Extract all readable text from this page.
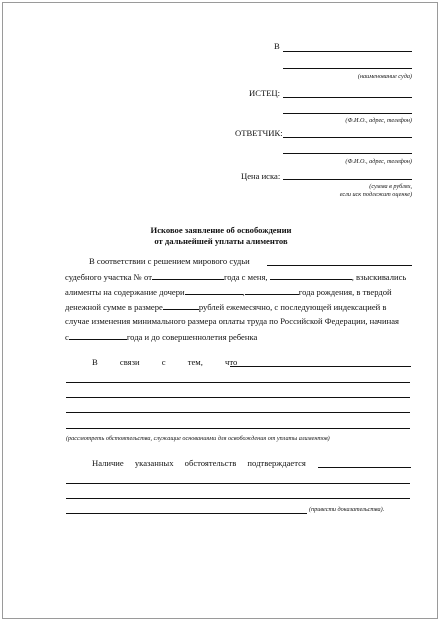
В
(наименование суда)
ИСТЕЦ:
(Ф.И.О., адрес, телефон)
ОТВЕТЧИК:
(Ф.И.О., адрес, телефон)
Цена иска:
(сумма в рублях,
если иск подлежит оценке)
Исковое заявление об освобождении
от дальнейшей уплаты алиментов
В соответствии с решением мирового судьи
судебного участка № от	года с меня,	, взыскивались
алименты на содержание дочери	,	года рождения, в твердой
денежной сумме в размере	рублей ежемесячно, с последующей индексацией в
случае изменения минимального размера оплаты труда по Российской Федерации, начиная
с	года и до совершеннолетия ребенка
В связи с тем, что
(рассмотреть обстоятельства, служащие основаниями для освобождения от уплаты алиментов)
Наличие указанных обстоятельств подтверждается
(привести доказательства).
